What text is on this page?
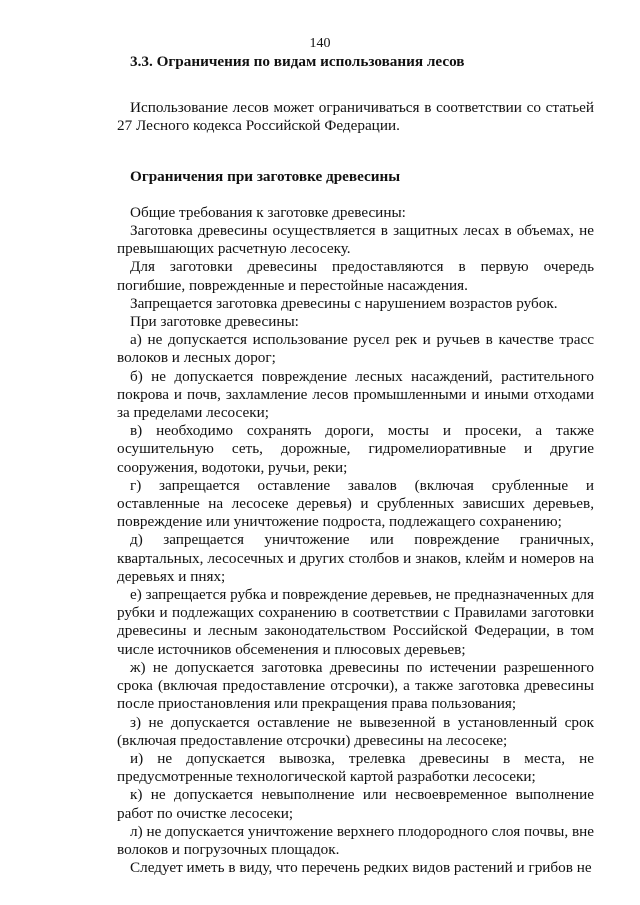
140
3.3. Ограничения по видам использования лесов

Использование лесов может ограничиваться в соответствии со статьей 27 Лесного кодекса Российской Федерации.

Ограничения при заготовке древесины

Общие требования к заготовке древесины:

Заготовка древесины осуществляется в защитных лесах в объемах, не превышающих расчетную лесосеку.

Для заготовки древесины предоставляются в первую очередь погибшие, поврежденные и перестойные насаждения.

Запрещается заготовка древесины с нарушением возрастов рубок.

При заготовке древесины:

а) не допускается использование русел рек и ручьев в качестве трасс волоков и лесных дорог;

б) не допускается повреждение лесных насаждений, растительного покрова и почв, захламление лесов промышленными и иными отходами за пределами лесосеки;

в) необходимо сохранять дороги, мосты и просеки, а также осушительную сеть, дорожные, гидромелиоративные и другие сооружения, водотоки, ручьи, реки;

г) запрещается оставление завалов (включая срубленные и оставленные на лесосеке деревья) и срубленных зависших деревьев, повреждение или уничтожение подроста, подлежащего сохранению;

д) запрещается уничтожение или повреждение граничных, квартальных, лесосечных и других столбов и знаков, клейм и номеров на деревьях и пнях;

е) запрещается рубка и повреждение деревьев, не предназначенных для рубки и подлежащих сохранению в соответствии с Правилами заготовки древесины и лесным законодательством Российской Федерации, в том числе источников обсеменения и плюсовых деревьев;

ж) не допускается заготовка древесины по истечении разрешенного срока (включая предоставление отсрочки), а также заготовка древесины после приостановления или прекращения права пользования;

з) не допускается оставление не вывезенной в установленный срок (включая предоставление отсрочки) древесины на лесосеке;

и) не допускается вывозка, трелевка древесины в места, не предусмотренные технологической картой разработки лесосеки;

к) не допускается невыполнение или несвоевременное выполнение работ по очистке лесосеки;

л) не допускается уничтожение верхнего плодородного слоя почвы, вне волоков и погрузочных площадок.

Следует иметь в виду, что перечень редких видов растений и грибов не
